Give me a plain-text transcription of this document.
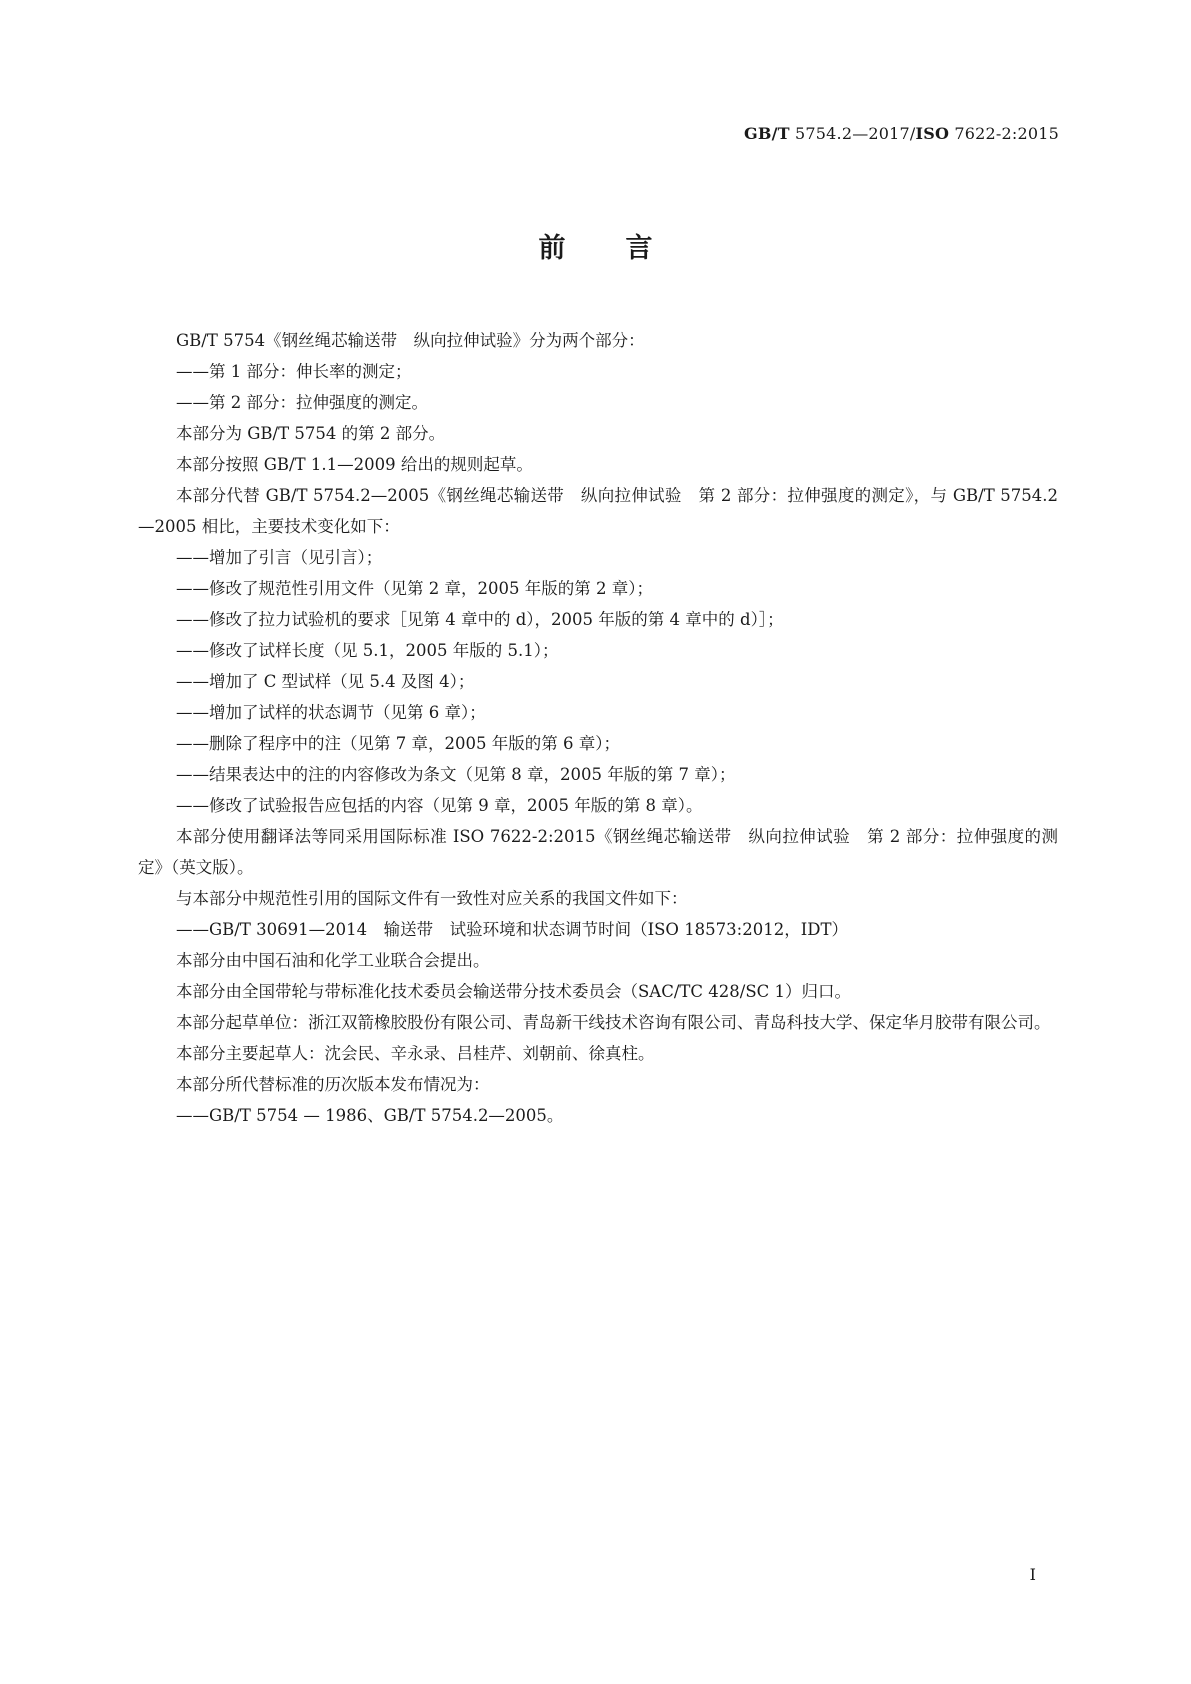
GB/T 5754.2—2017/ISO 7622-2:2015
前言

GB/T 5754《钢丝绳芯输送带　纵向拉伸试验》分为两个部分：

——第 1 部分：伸长率的测定；

——第 2 部分：拉伸强度的测定。

本部分为 GB/T 5754 的第 2 部分。

本部分按照 GB/T 1.1—2009 给出的规则起草。

本部分代替 GB/T 5754.2—2005《钢丝绳芯输送带　纵向拉伸试验　第 2 部分：拉伸强度的测定》，与 GB/T 5754.2—2005 相比，主要技术变化如下：

——增加了引言（见引言）；

——修改了规范性引用文件（见第 2 章，2005 年版的第 2 章）；

——修改了拉力试验机的要求［见第 4 章中的 d），2005 年版的第 4 章中的 d）］；

——修改了试样长度（见 5.1，2005 年版的 5.1）；

——增加了 C 型试样（见 5.4 及图 4）；

——增加了试样的状态调节（见第 6 章）；

——删除了程序中的注（见第 7 章，2005 年版的第 6 章）；

——结果表达中的注的内容修改为条文（见第 8 章，2005 年版的第 7 章）；

——修改了试验报告应包括的内容（见第 9 章，2005 年版的第 8 章）。

本部分使用翻译法等同采用国际标准 ISO 7622-2:2015《钢丝绳芯输送带　纵向拉伸试验　第 2 部分：拉伸强度的测定》（英文版）。

与本部分中规范性引用的国际文件有一致性对应关系的我国文件如下：

——GB/T 30691—2014　输送带　试验环境和状态调节时间（ISO 18573:2012，IDT）

本部分由中国石油和化学工业联合会提出。

本部分由全国带轮与带标准化技术委员会输送带分技术委员会（SAC/TC 428/SC 1）归口。

本部分起草单位：浙江双箭橡胶股份有限公司、青岛新干线技术咨询有限公司、青岛科技大学、保定华月胶带有限公司。

本部分主要起草人：沈会民、辛永录、吕桂芹、刘朝前、徐真柱。

本部分所代替标准的历次版本发布情况为：

——GB/T 5754 — 1986、GB/T 5754.2—2005。

I
